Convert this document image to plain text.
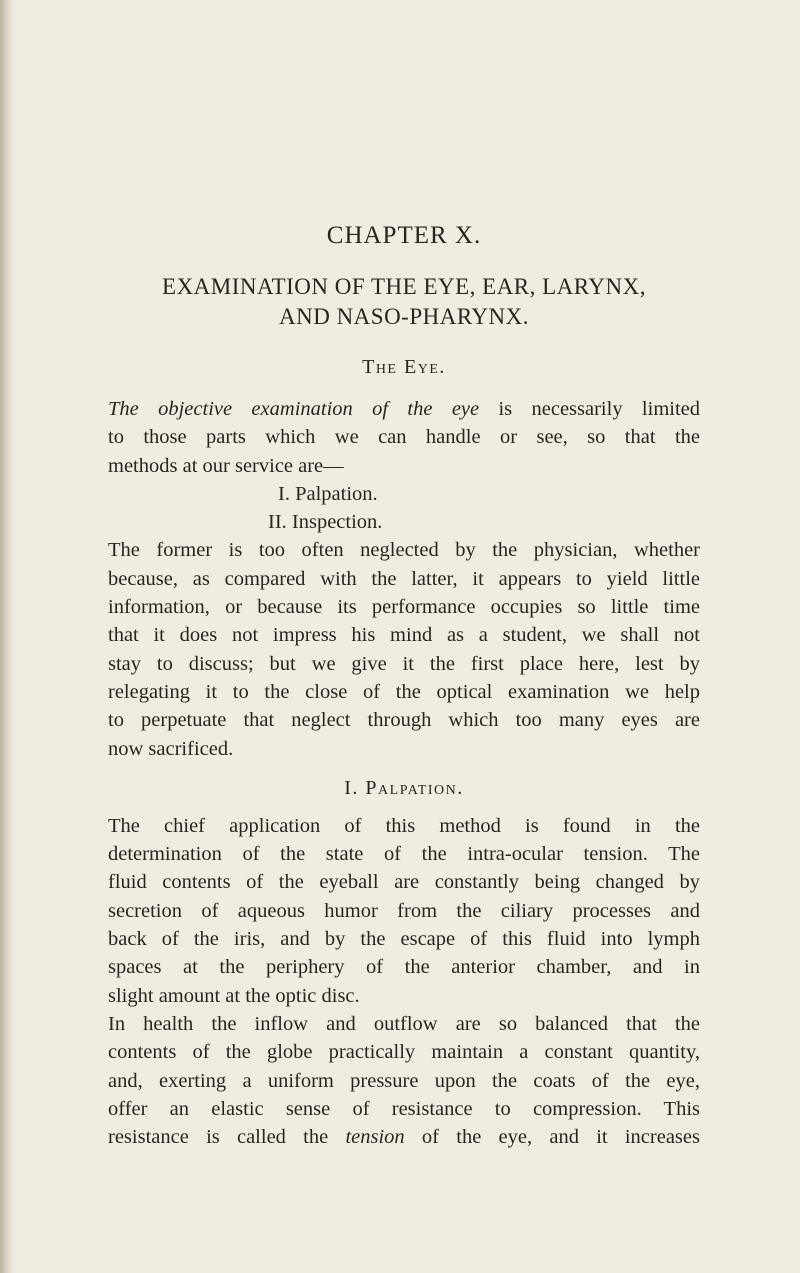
CHAPTER X.
EXAMINATION OF THE EYE, EAR, LARYNX,
AND NASO-PHARYNX.
The Eye.

The objective examination of the eye is necessarily limited
to those parts which we can handle or see, so that the
methods at our service are—

I. Palpation.

II. Inspection.

The former is too often neglected by the physician, whether
because, as compared with the latter, it appears to yield little
information, or because its performance occupies so little time
that it does not impress his mind as a student, we shall not
stay to discuss; but we give it the first place here, lest by
relegating it to the close of the optical examination we help
to perpetuate that neglect through which too many eyes are
now sacrificed.

I. Palpation.

The chief application of this method is found in the
determination of the state of the intra-ocular tension. The
fluid contents of the eyeball are constantly being changed by
secretion of aqueous humor from the ciliary processes and
back of the iris, and by the escape of this fluid into lymph
spaces at the periphery of the anterior chamber, and in
slight amount at the optic disc.

In health the inflow and outflow are so balanced that the
contents of the globe practically maintain a constant quantity,
and, exerting a uniform pressure upon the coats of the eye,
offer an elastic sense of resistance to compression. This
resistance is called the tension of the eye, and it increases
